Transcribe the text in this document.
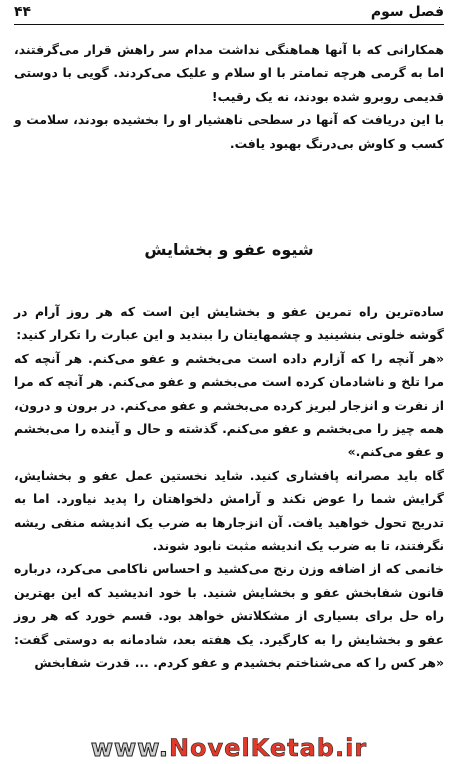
۴۴	فصل سوم

همکارانی که با آنها هماهنگی نداشت مدام سر راهش قرار می‌گرفتند، اما به گرمی هرچه تمامتر با او سلام و علیک می‌کردند. گویی با دوستی قدیمی روبرو شده بودند، نه یک رقیب!

با این دریافت که آنها در سطحی ناهشیار او را بخشیده بودند، سلامت و کسب و کاوش بی‌درنگ بهبود یافت.

شیوه عفو و بخشایش

ساده‌ترین راه تمرین عفو و بخشایش این است که هر روز آرام در گوشه خلوتی بنشینید و چشمهایتان را ببندید و این عبارت را تکرار کنید:

«هر آنچه را که آزارم داده است می‌بخشم و عفو می‌کنم. هر آنچه که مرا تلخ و ناشادمان کرده است می‌بخشم و عفو می‌کنم. هر آنچه که مرا از نفرت و انزجار لبریز کرده می‌بخشم و عفو می‌کنم. در برون و درون، همه چیز را می‌بخشم و عفو می‌کنم. گذشته و حال و آینده را می‌بخشم و عفو می‌کنم.»

گاه باید مصرانه پافشاری کنید. شاید نخستین عمل عفو و بخشایش، گرایش شما را عوض نکند و آرامش دلخواهتان را پدید نیاورد. اما به تدریج تحول خواهید یافت. آن انزجارها به ضرب یک اندیشه منفی ریشه نگرفتند، تا به ضرب یک اندیشه مثبت نابود شوند.

خانمی که از اضافه وزن رنج می‌کشید و احساس ناکامی می‌کرد، درباره قانون شفابخش عفو و بخشایش شنید. با خود اندیشید که این بهترین راه حل برای بسیاری از مشکلاتش خواهد بود. قسم خورد که هر روز عفو و بخشایش را به کارگیرد. یک هفته بعد، شادمانه به دوستی گفت: «هر کس را که می‌شناختم بخشیدم و عفو کردم. ... قدرت شفابخش

www.NovelKetab.ir
